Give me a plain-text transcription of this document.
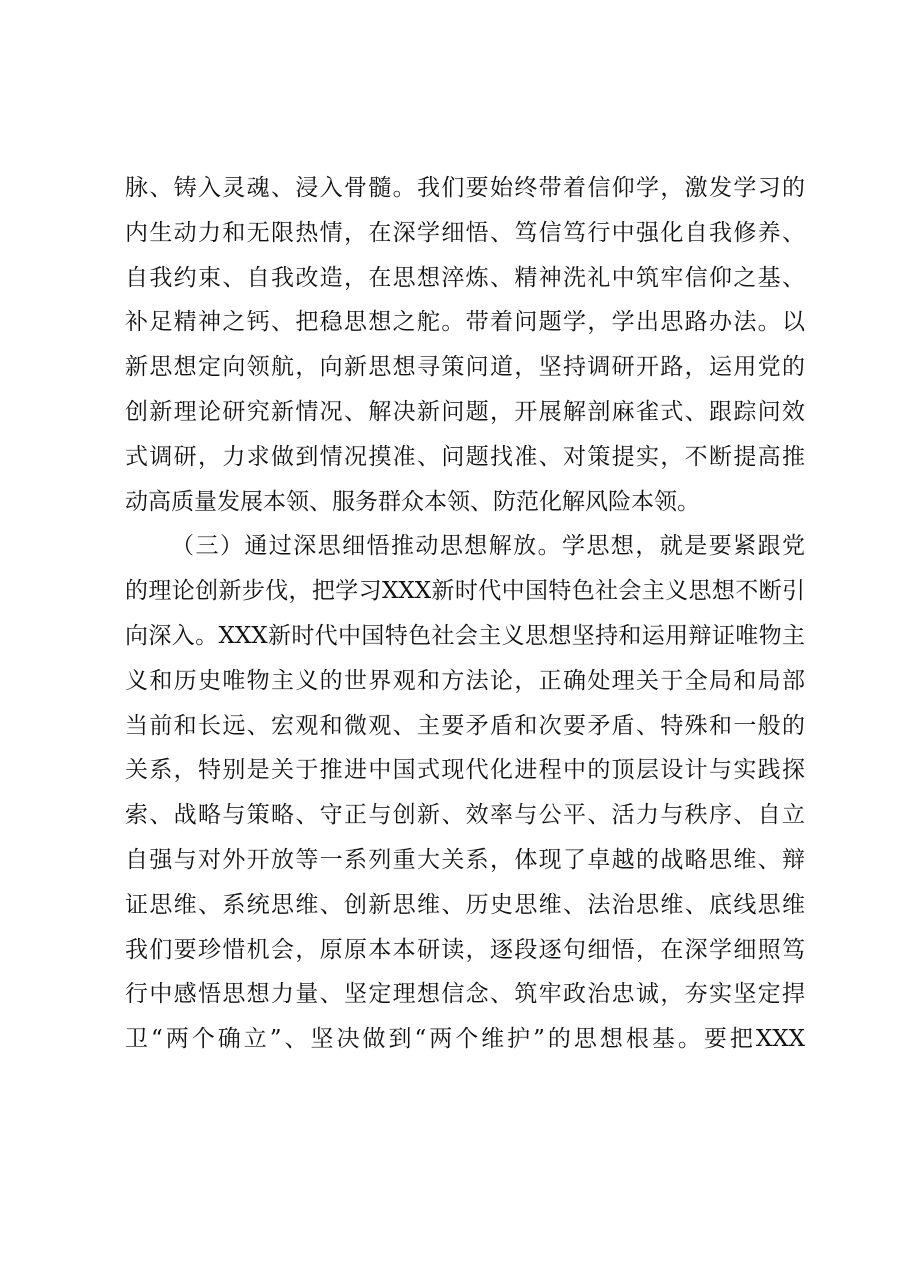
脉、铸入灵魂、浸入骨髓。我们要始终带着信仰学，激发学习的
内生动力和无限热情，在深学细悟、笃信笃行中强化自我修养、
自我约束、自我改造，在思想淬炼、精神洗礼中筑牢信仰之基、
补足精神之钙、把稳思想之舵。带着问题学，学出思路办法。以
新思想定向领航，向新思想寻策问道，坚持调研开路，运用党的
创新理论研究新情况、解决新问题，开展解剖麻雀式、跟踪问效
式调研，力求做到情况摸准、问题找准、对策提实，不断提高推
动高质量发展本领、服务群众本领、防范化解风险本领。
（三）通过深思细悟推动思想解放。学思想，就是要紧跟党
的理论创新步伐，把学习XXX新时代中国特色社会主义思想不断引
向深入。XXX新时代中国特色社会主义思想坚持和运用辩证唯物主
义和历史唯物主义的世界观和方法论，正确处理关于全局和局部
当前和长远、宏观和微观、主要矛盾和次要矛盾、特殊和一般的
关系，特别是关于推进中国式现代化进程中的顶层设计与实践探
索、战略与策略、守正与创新、效率与公平、活力与秩序、自立
自强与对外开放等一系列重大关系，体现了卓越的战略思维、辩
证思维、系统思维、创新思维、历史思维、法治思维、底线思维
我们要珍惜机会，原原本本研读，逐段逐句细悟，在深学细照笃
行中感悟思想力量、坚定理想信念、筑牢政治忠诚，夯实坚定捍
卫“两个确立”、坚决做到“两个维护”的思想根基。要把XXX
